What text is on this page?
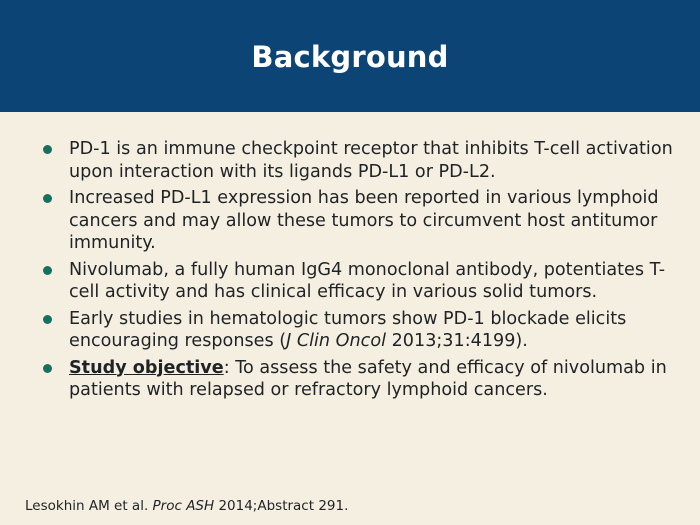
Background
PD-1 is an immune checkpoint receptor that inhibits T-cell activation upon interaction with its ligands PD-L1 or PD-L2.
Increased PD-L1 expression has been reported in various lymphoid cancers and may allow these tumors to circumvent host antitumor immunity.
Nivolumab, a fully human IgG4 monoclonal antibody, potentiates T-cell activity and has clinical efficacy in various solid tumors.
Early studies in hematologic tumors show PD-1 blockade elicits encouraging responses (J Clin Oncol 2013;31:4199).
Study objective: To assess the safety and efficacy of nivolumab in patients with relapsed or refractory lymphoid cancers.
Lesokhin AM et al. Proc ASH 2014;Abstract 291.
